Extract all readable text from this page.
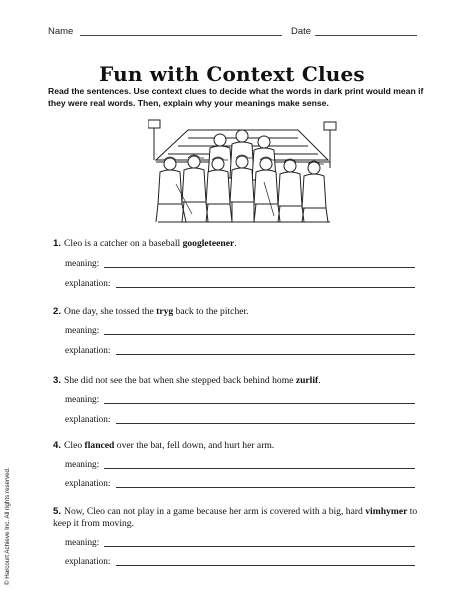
Name	Date
Fun with Context Clues
Read the sentences. Use context clues to decide what the words in dark print would mean if they were real words. Then, explain why your meanings make sense.
1. Cleo is a catcher on a baseball googleteener.
meaning:
explanation:
2. One day, she tossed the tryg back to the pitcher.
meaning:
explanation:
3. She did not see the bat when she stepped back behind home zurlif.
meaning:
explanation:
4. Cleo flanced over the bat, fell down, and hurt her arm.
meaning:
explanation:
5. Now, Cleo can not play in a game because her arm is covered with a big, hard vimhymer to keep it from moving.
meaning:
explanation:
© Harcourt Achieve Inc. All rights reserved.
